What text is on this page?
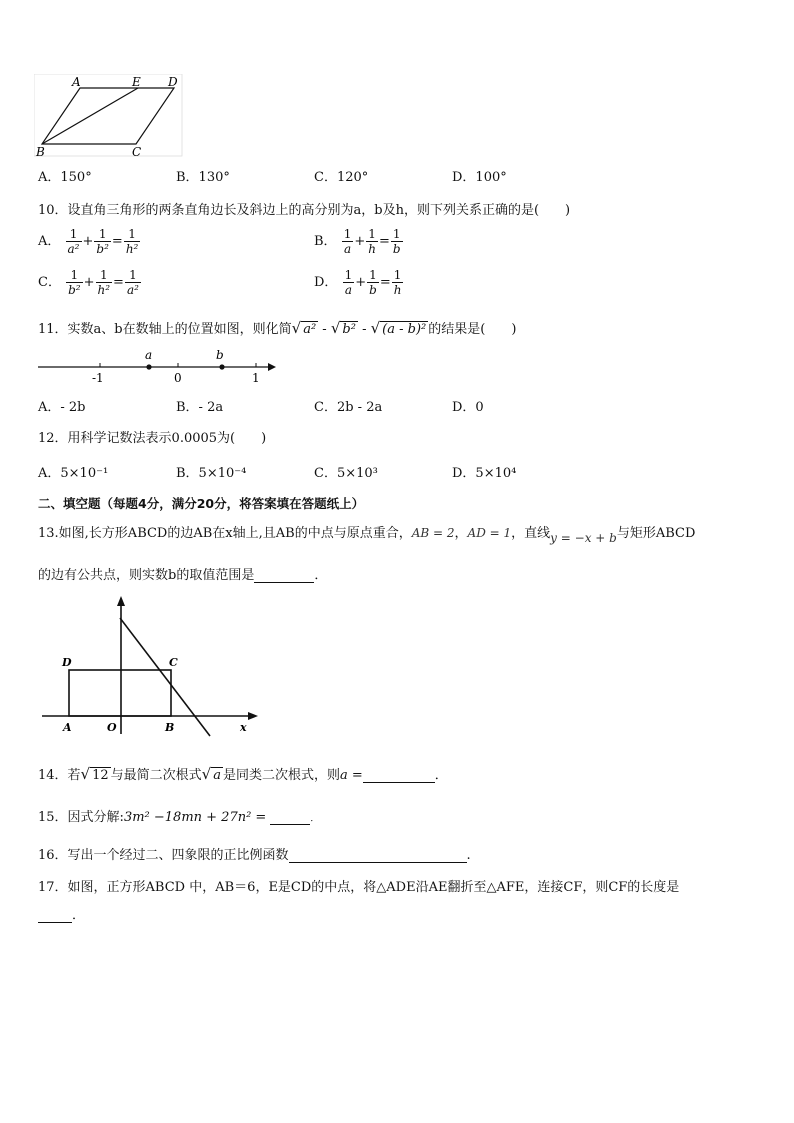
A	E D
B	C
A．150°	B．130°	C．120°	D．100°
10．设直角三角形的两条直角边长及斜边上的高分别为a，b及h，则下列关系正确的是(　　)
A． $\frac{1}{\text{a²}} + \frac{1}{\text{b²}} = \frac{1}{\text{h²}}$	B． $\frac{1}{a} + \frac{1}{h} = \frac{1}{b}$
C． $\frac{1}{\text{b²}} + \frac{1}{\text{h²}} = \frac{1}{\text{a²}}$	D． $\frac{1}{a} + \frac{1}{b} = \frac{1}{h}$
11．实数a、b在数轴上的位置如图，则化简√ a² - √ b² - √ (a - b)² 的结果是(　　)
a	b
-1	0	1
A．- 2b	B．- 2a	C．2b - 2a	D．0
12．用科学记数法表示0.0005为(　　)
A．5×10⁻¹	B．5×10⁻⁴	C．5×10³	D．5×10⁴
二、填空题（每题4分，满分20分，将答案填在答题纸上）
13.如图,长方形ABCD的边AB在x轴上,且AB的中点与原点重合，AB = 2，AD = 1，直线y = −x + b与矩形ABCD
的边有公共点，则实数b的取值范围是	．
D	C
A	O	B	x
14．若√ 12 与最简二次根式√ a 是同类二次根式，则a =	．
15．因式分解:3m² −18mn + 27n² =	．
16．写出一个经过二、四象限的正比例函数	.
17．如图，正方形ABCD 中，AB＝6，E是CD的中点，将△ADE沿AE翻折至△AFE，连接CF，则CF的长度是
．
